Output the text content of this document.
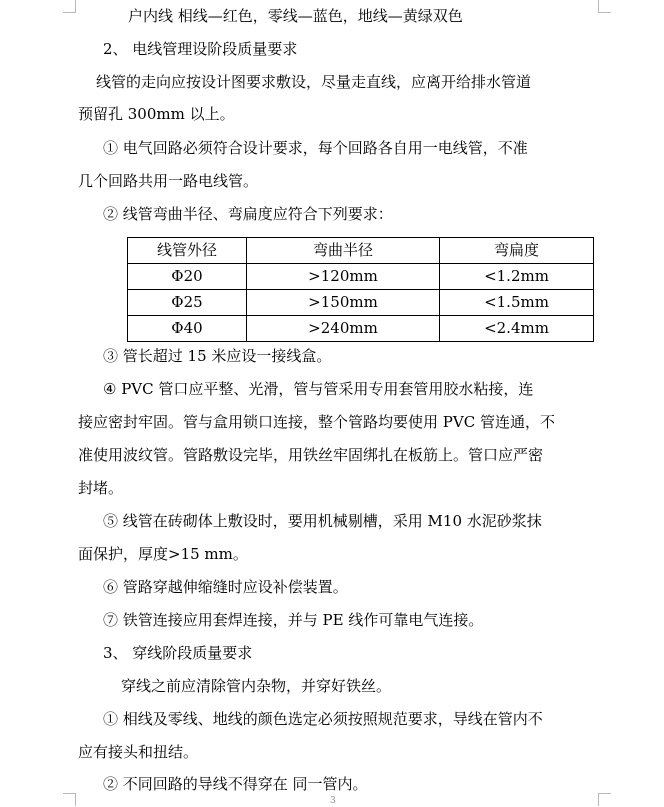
户内线 相线—红色，零线—蓝色，地线—黄绿双色
2、 电线管理设阶段质量要求
线管的走向应按设计图要求敷设，尽量走直线，应离开给排水管道
预留孔 300mm 以上。
① 电气回路必须符合设计要求，每个回路各自用一电线管，不准
几个回路共用一路电线管。
② 线管弯曲半径、弯扁度应符合下列要求：
线管外径	弯曲半径	弯扁度
Φ20	>120mm	<1.2mm
Φ25	>150mm	<1.5mm
Φ40	>240mm	<2.4mm
③ 管长超过 15 米应设一接线盒。
④ PVC 管口应平整、光滑，管与管采用专用套管用胶水粘接，连
接应密封牢固。管与盒用锁口连接，整个管路均要使用 PVC 管连通，不
准使用波纹管。管路敷设完毕，用铁丝牢固绑扎在板筋上。管口应严密
封堵。
⑤ 线管在砖砌体上敷设时，要用机械剔槽，采用 M10 水泥砂浆抹
面保护，厚度>15 mm。
⑥ 管路穿越伸缩缝时应设补偿装置。
⑦ 铁管连接应用套焊连接，并与 PE 线作可靠电气连接。
3、 穿线阶段质量要求
穿线之前应清除管内杂物，并穿好铁丝。
① 相线及零线、地线的颜色选定必须按照规范要求，导线在管内不
应有接头和扭结。
② 不同回路的导线不得穿在 同一管内。
3
